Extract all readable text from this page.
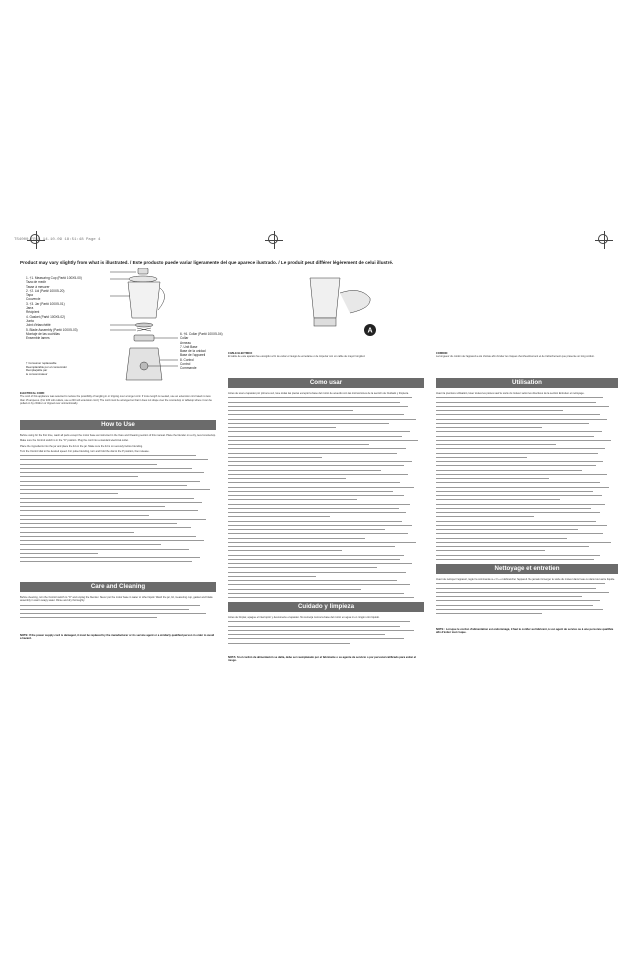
TS4000-FR15 14.10.09 18:51:48 Page 4
Product may vary slightly from what is illustrated. / Este producto puede variar ligeramente del que aparece ilustrado. / Le produit peut différer légèrement de celui illustré.
1. †1. Measuring Cup (Part# 100X5-00)
Taza de medir
Tasse à mesurer
2. †2. Lid (Part# 100X5-20)
Tapa
Couvercle
3. †3. Jar (Part# 100X5-01)
Jarra
Récipient
4. Gasket (Part# 100X5-02)
Junta
Joint d'étanchéité
5. Blade Assembly (Part# 100X5-03)
Montaje de las cuchillas
Ensemble lames
6. †6. Collar (Part# 100X5-04)
Collar
Anneau
7. Unit Base
Base de la unidad
Base de l'appareil
8. Control
Control
Commande
† Consumer replaceable
Reemplazable por el consumidor
Remplaçable par
le consommateur
A

ELECTRICAL CORD
The cord of this appliance was selected to reduce the possibility of tangling in or tripping over a longer cord. If more length is needed, use an extension cord rated no less than 15 amperes. (For 220 volt outlets, use a 220 volt extension cord.) The cord must be arranged so that it does not drape over the countertop or tabletop where it can be pulled on by children or tripped over unintentionally.

How to Use

Before using for the first time, wash all parts except the motor base as instructed in the Care and Cleaning section of this manual. Place the blender on a dry, level countertop.

Make sure the Control switch is in the "O" position. Plug the cord into a standard electrical outlet.

Place the ingredients into the jar and place the lid on the jar. Make sure the lid is on securely before blending.

Turn the Control dial to the desired speed. For pulse blending, turn and hold the dial to the P position, then release.

Care and Cleaning

Before cleaning, turn the Control switch to "O" and unplug the blender. Never put the motor base in water or other liquid. Wash the jar, lid, measuring cup, gasket and blade assembly in warm soapy water. Rinse and dry thoroughly.

NOTE: If the power supply cord is damaged, it must be replaced by the manufacturer or its service agent or a similarly qualified person in order to avoid a hazard.

CABLE ELÉCTRICO
El cable de este aparato fue escogido a fin de evitar el riesgo de enredarse o de tropezar con un cable de mayor longitud.

Como usar

Antes de usar el aparato por primera vez, lave todas las piezas excepto la base del motor de acuerdo con las instrucciones de la sección de Cuidado y limpieza.

Cuidado y limpieza

Antes de limpiar, apague el interruptor y desconecte el aparato. No sumerja nunca la base del motor en agua ni en ningún otro líquido.

NOTA: Si el cordón de alimentación se daña, debe ser reemplazado por el fabricante o su agente de servicio o por personal calificado para evitar el riesgo.

CORDON
La longueur du cordon de l'appareil a été choisie afin d'éviter les risques d'enchevêtrement et de trébuchement que présente un long cordon.

Utilisation

Avant la première utilisation, laver toutes les pièces sauf le socle du moteur selon les directives de la section Entretien et nettoyage.

Nettoyage et entretien

Avant de nettoyer l'appareil, régler la commande à « O » et débrancher l'appareil. Ne jamais immerger le socle du moteur dans l'eau ou dans tout autre liquide.

NOTE : Lorsque le cordon d'alimentation est endommagé, il faut le confier au fabricant, à son agent de service ou à une personne qualifiée afin d'éviter tout risque.
